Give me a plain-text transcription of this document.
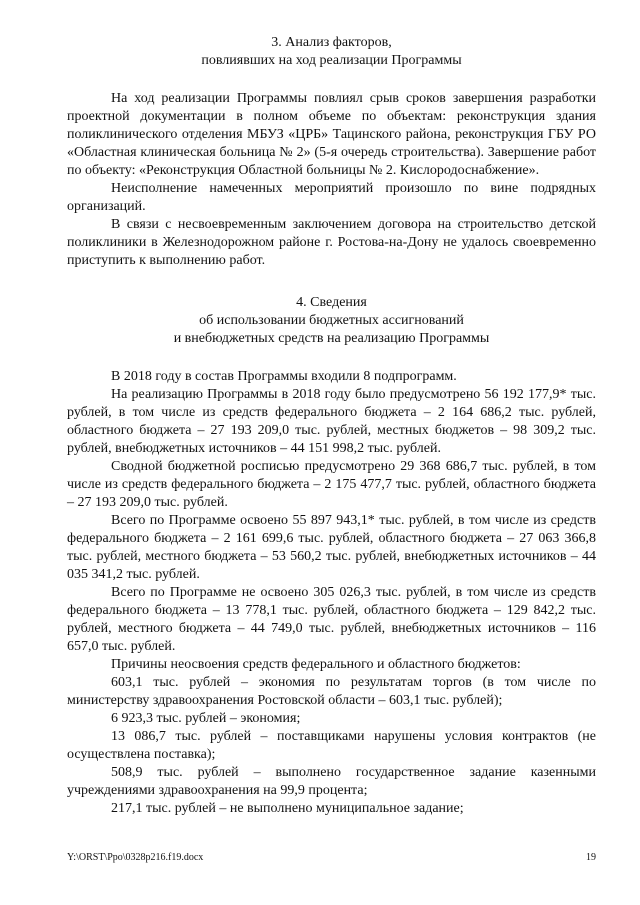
3. Анализ факторов,
повлиявших на ход реализации Программы
На ход реализации Программы повлиял срыв сроков завершения разработки проектной документации в полном объеме по объектам: реконструкция здания поликлинического отделения МБУЗ «ЦРБ» Тацинского района, реконструкция ГБУ РО «Областная клиническая больница № 2» (5-я очередь строительства). Завершение работ по объекту: «Реконструкция Областной больницы № 2. Кислородоснабжение».
Неисполнение намеченных мероприятий произошло по вине подрядных организаций.
В связи с несвоевременным заключением договора на строительство детской поликлиники в Железнодорожном районе г. Ростова-на-Дону не удалось своевременно приступить к выполнению работ.
4. Сведения
об использовании бюджетных ассигнований
и внебюджетных средств на реализацию Программы
В 2018 году в состав Программы входили 8 подпрограмм.
На реализацию Программы в 2018 году было предусмотрено 56 192 177,9* тыс. рублей, в том числе из средств федерального бюджета – 2 164 686,2 тыс. рублей, областного бюджета – 27 193 209,0 тыс. рублей, местных бюджетов – 98 309,2 тыс. рублей, внебюджетных источников – 44 151 998,2 тыс. рублей.
Сводной бюджетной росписью предусмотрено 29 368 686,7 тыс. рублей, в том числе из средств федерального бюджета – 2 175 477,7 тыс. рублей, областного бюджета – 27 193 209,0 тыс. рублей.
Всего по Программе освоено 55 897 943,1* тыс. рублей, в том числе из средств федерального бюджета – 2 161 699,6 тыс. рублей, областного бюджета – 27 063 366,8 тыс. рублей, местного бюджета – 53 560,2 тыс. рублей, внебюджетных источников – 44 035 341,2 тыс. рублей.
Всего по Программе не освоено 305 026,3 тыс. рублей, в том числе из средств федерального бюджета – 13 778,1 тыс. рублей, областного бюджета – 129 842,2 тыс. рублей, местного бюджета – 44 749,0 тыс. рублей, внебюджетных источников – 116 657,0 тыс. рублей.
Причины неосвоения средств федерального и областного бюджетов:
603,1 тыс. рублей – экономия по результатам торгов (в том числе по министерству здравоохранения Ростовской области – 603,1 тыс. рублей);
6 923,3 тыс. рублей – экономия;
13 086,7 тыс. рублей – поставщиками нарушены условия контрактов (не осуществлена поставка);
508,9 тыс. рублей – выполнено государственное задание казенными учреждениями здравоохранения на 99,9 процента;
217,1 тыс. рублей – не выполнено муниципальное задание;
Y:\ORST\Ppo\0328p216.f19.docx	19
